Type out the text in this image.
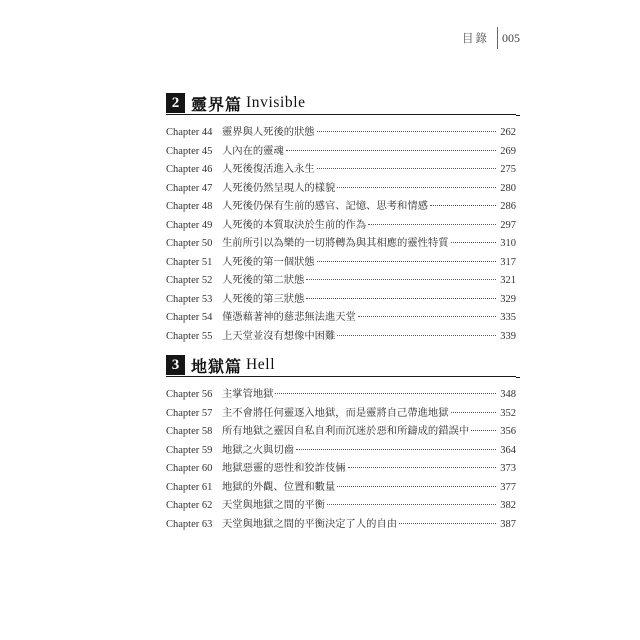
目錄	005
2 靈界篇 Invisible
Chapter 44 靈界與人死後的狀態	262
Chapter 45 人內在的靈魂	269
Chapter 46 人死後復活進入永生	275
Chapter 47 人死後仍然呈現人的樣貌	280
Chapter 48 人死後仍保有生前的感官、記憶、思考和情感	286
Chapter 49 人死後的本質取決於生前的作為	297
Chapter 50 生前所引以為樂的一切將轉為與其相應的靈性特質	310
Chapter 51 人死後的第一個狀態	317
Chapter 52 人死後的第二狀態	321
Chapter 53 人死後的第三狀態	329
Chapter 54 僅憑藉著神的慈悲無法進天堂	335
Chapter 55 上天堂並沒有想像中困難	339
3 地獄篇 Hell
Chapter 56 主掌管地獄	348
Chapter 57 主不會將任何靈逐入地獄，而是靈將自己帶進地獄	352
Chapter 58 所有地獄之靈因自私自利而沉迷於惡和所鑄成的錯誤中	356
Chapter 59 地獄之火與切齒	364
Chapter 60 地獄惡靈的惡性和狡詐伎倆	373
Chapter 61 地獄的外觀、位置和數量	377
Chapter 62 天堂與地獄之間的平衡	382
Chapter 63 天堂與地獄之間的平衡決定了人的自由	387
